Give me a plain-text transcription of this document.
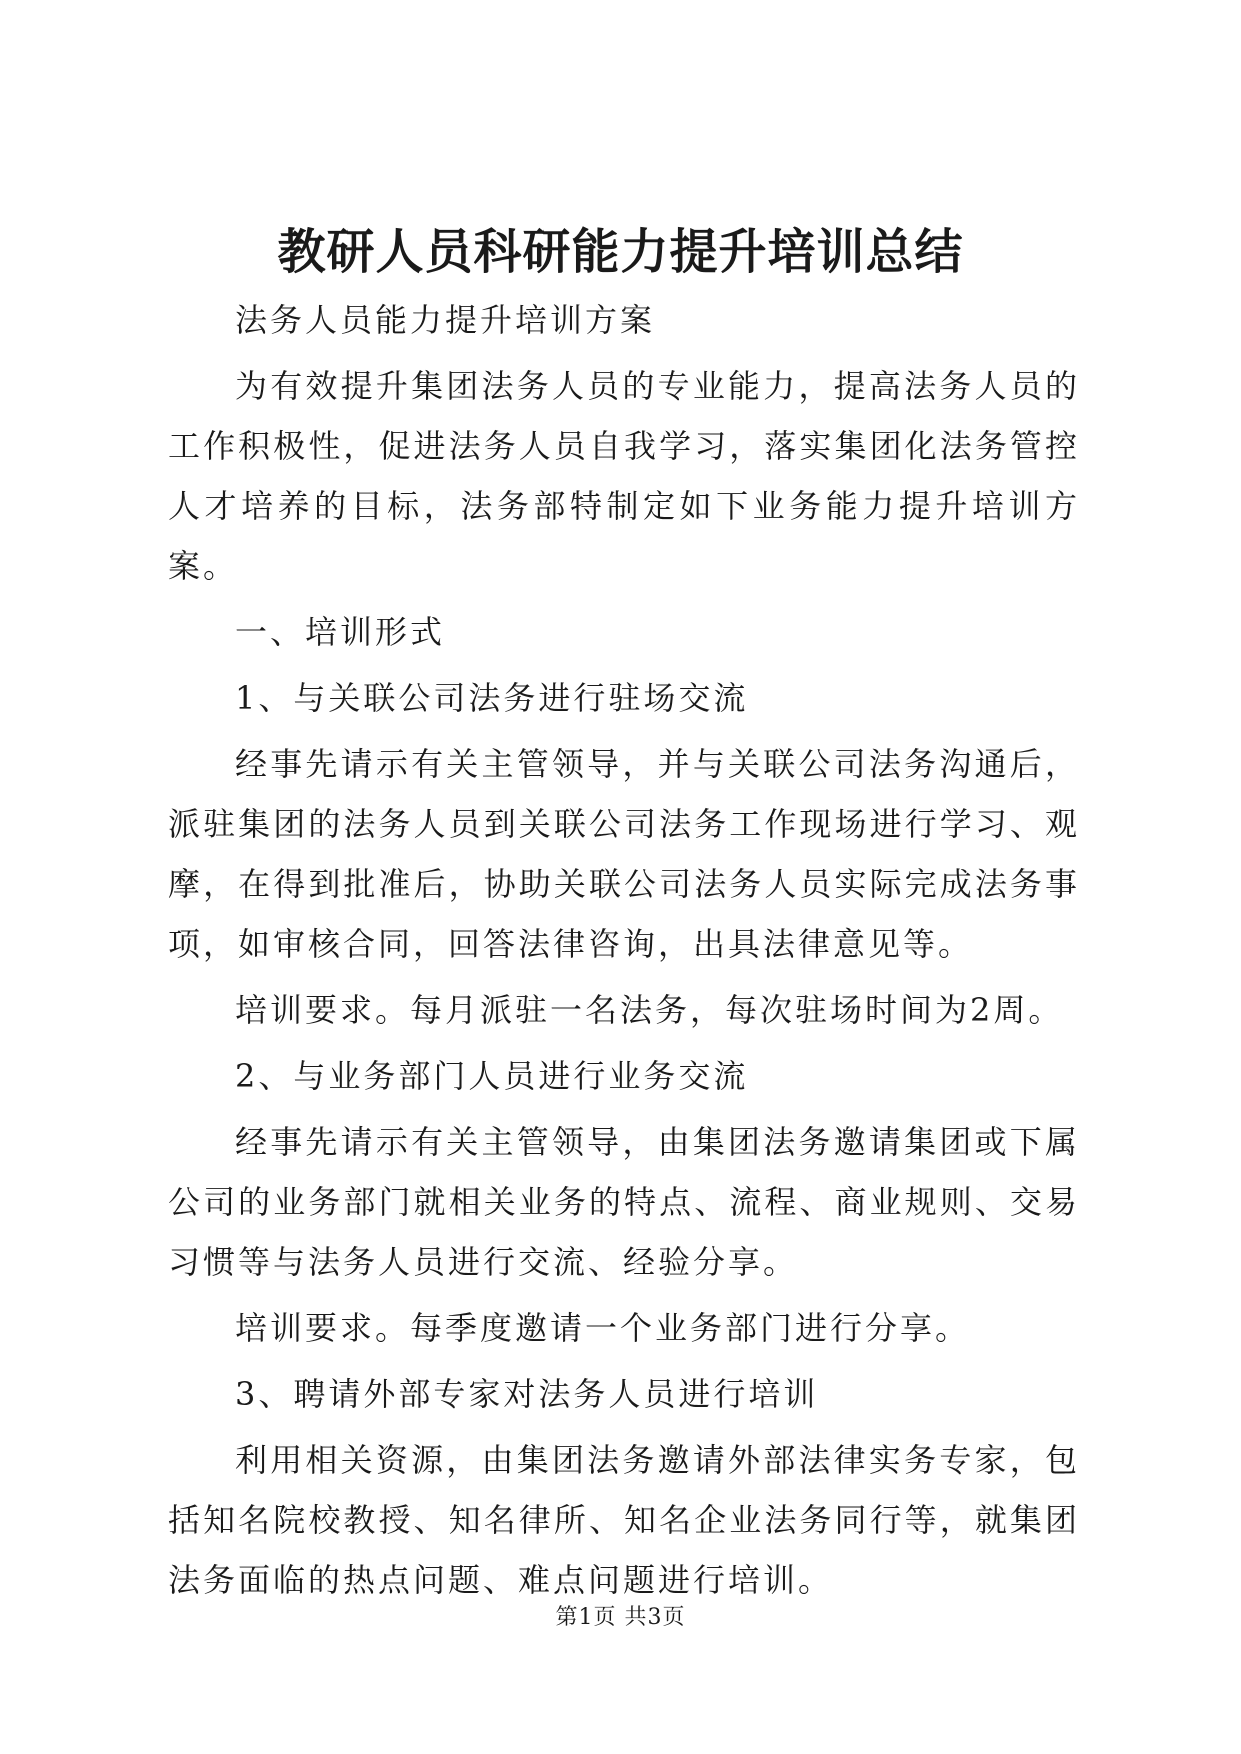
教研人员科研能力提升培训总结

法务人员能力提升培训方案

为有效提升集团法务人员的专业能力，提高法务人员的工作积极性，促进法务人员自我学习，落实集团化法务管控人才培养的目标，法务部特制定如下业务能力提升培训方案。

一、培训形式

1、与关联公司法务进行驻场交流

经事先请示有关主管领导，并与关联公司法务沟通后，派驻集团的法务人员到关联公司法务工作现场进行学习、观摩，在得到批准后，协助关联公司法务人员实际完成法务事项，如审核合同，回答法律咨询，出具法律意见等。

培训要求。每月派驻一名法务，每次驻场时间为2周。

2、与业务部门人员进行业务交流

经事先请示有关主管领导，由集团法务邀请集团或下属公司的业务部门就相关业务的特点、流程、商业规则、交易习惯等与法务人员进行交流、经验分享。

培训要求。每季度邀请一个业务部门进行分享。

3、聘请外部专家对法务人员进行培训

利用相关资源，由集团法务邀请外部法律实务专家，包括知名院校教授、知名律所、知名企业法务同行等，就集团法务面临的热点问题、难点问题进行培训。

第1页 共3页
